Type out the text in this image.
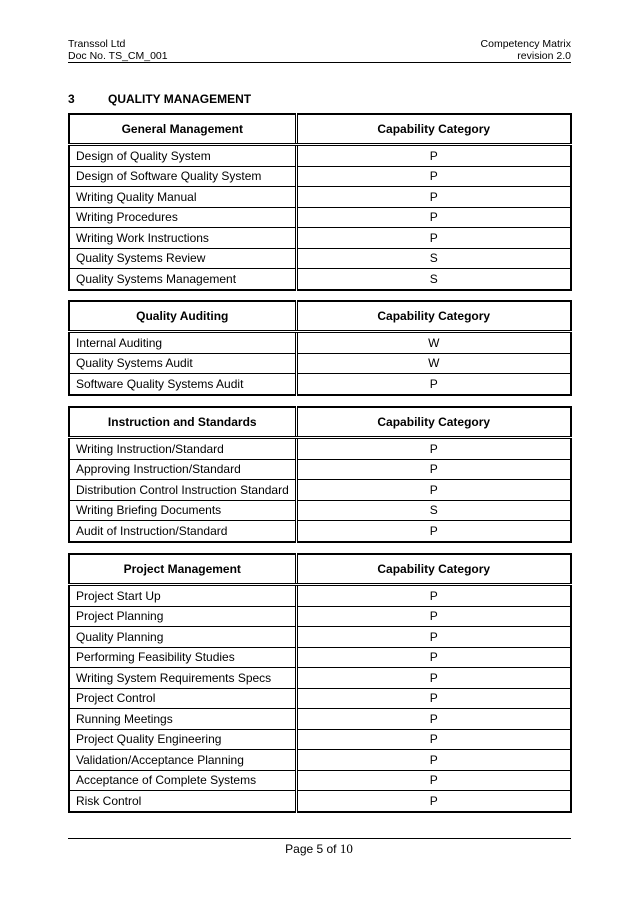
Transsol Ltd
Doc No. TS_CM_001
Competency Matrix
revision 2.0
3	QUALITY MANAGEMENT
General Management	Capability Category
Design of Quality System	P
Design of Software Quality System	P
Writing Quality Manual	P
Writing Procedures	P
Writing Work Instructions	P
Quality Systems Review	S
Quality Systems Management	S
Quality Auditing	Capability Category
Internal Auditing	W
Quality Systems Audit	W
Software Quality Systems Audit	P
Instruction and Standards	Capability Category
Writing Instruction/Standard	P
Approving Instruction/Standard	P
Distribution Control Instruction Standard	P
Writing Briefing Documents	S
Audit of Instruction/Standard	P
Project Management	Capability Category
Project Start Up	P
Project Planning	P
Quality Planning	P
Performing Feasibility Studies	P
Writing System Requirements Specs	P
Project Control	P
Running Meetings	P
Project Quality Engineering	P
Validation/Acceptance Planning	P
Acceptance of Complete Systems	P
Risk Control	P
Page 5 of 10
